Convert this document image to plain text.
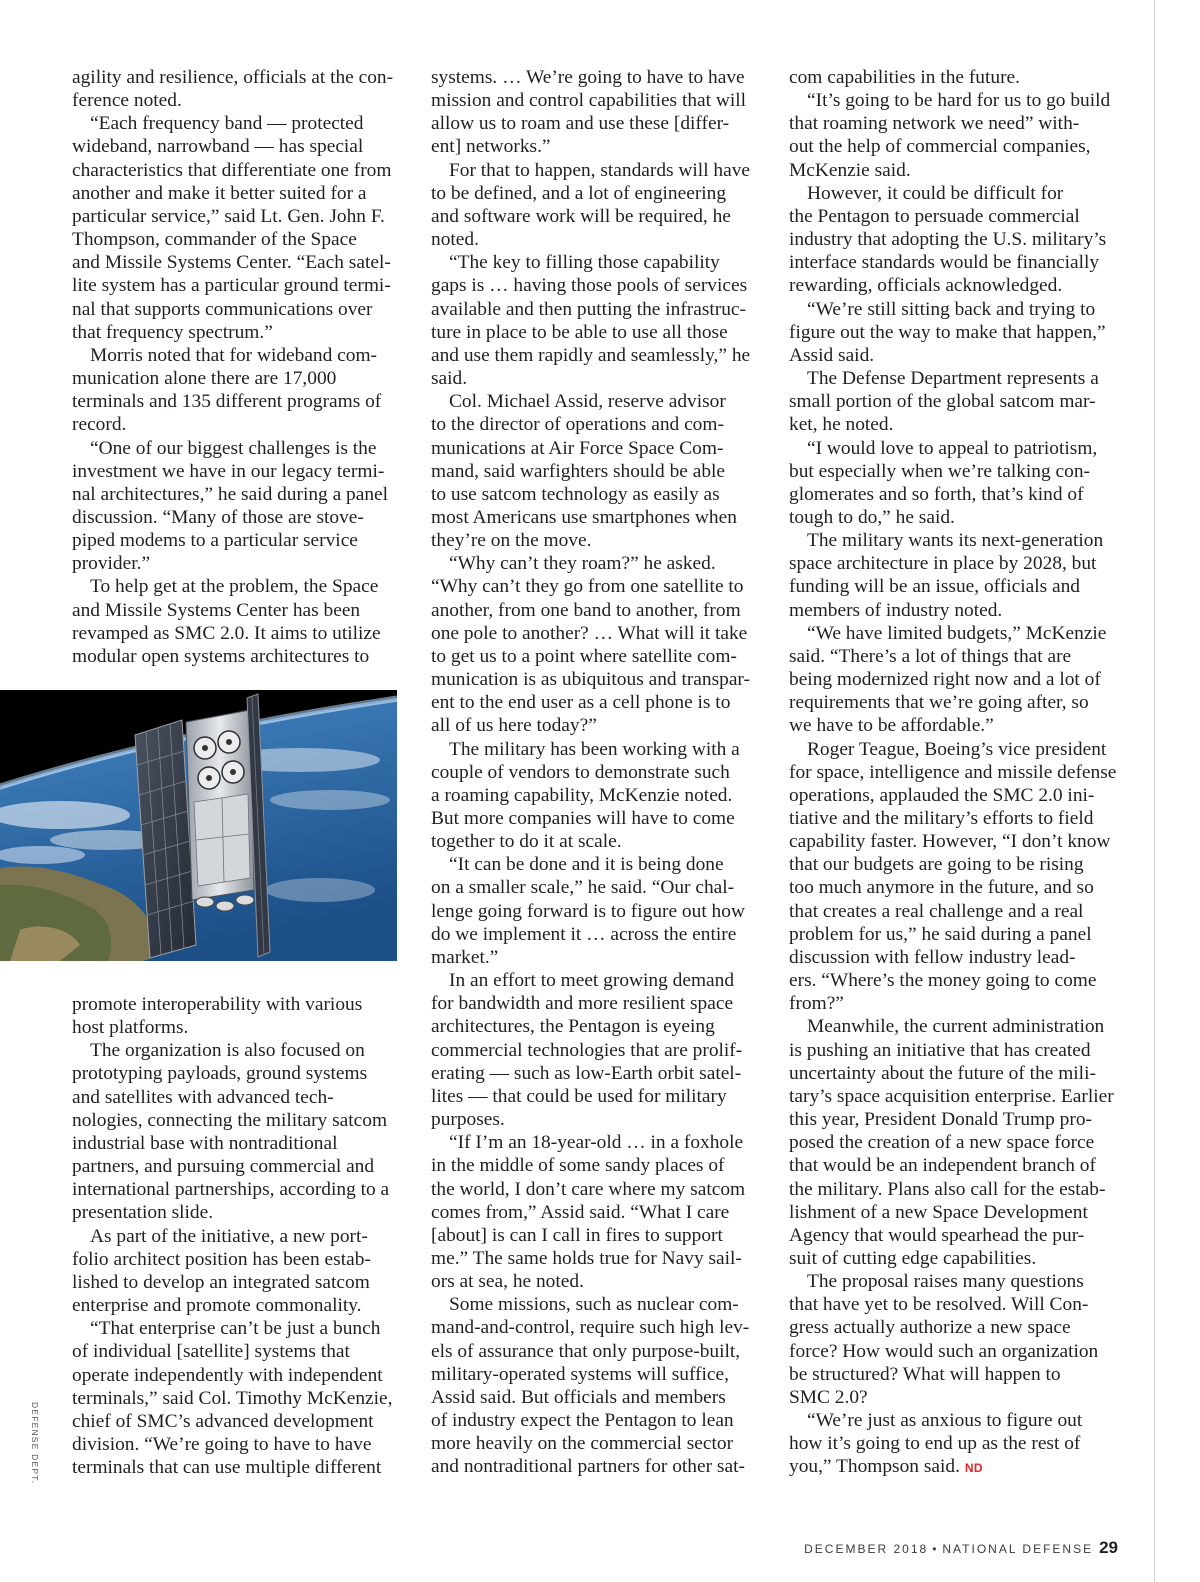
agility and resilience, officials at the con-
ference noted.

“Each frequency band — protected
wideband, narrowband — has special
characteristics that differentiate one from
another and make it better suited for a
particular service,” said Lt. Gen. John F.
Thompson, commander of the Space
and Missile Systems Center. “Each satel-
lite system has a particular ground termi-
nal that supports communications over
that frequency spectrum.”

Morris noted that for wideband com-
munication alone there are 17,000
terminals and 135 different programs of
record.

“One of our biggest challenges is the
investment we have in our legacy termi-
nal architectures,” he said during a panel
discussion. “Many of those are stove-
piped modems to a particular service
provider.”

To help get at the problem, the Space
and Missile Systems Center has been
revamped as SMC 2.0. It aims to utilize
modular open systems architectures to

promote interoperability with various
host platforms.

The organization is also focused on
prototyping payloads, ground systems
and satellites with advanced tech-
nologies, connecting the military satcom
industrial base with nontraditional
partners, and pursuing commercial and
international partnerships, according to a
presentation slide.

As part of the initiative, a new port-
folio architect position has been estab-
lished to develop an integrated satcom
enterprise and promote commonality.

“That enterprise can’t be just a bunch
of individual [satellite] systems that
operate independently with independent
terminals,” said Col. Timothy McKenzie,
chief of SMC’s advanced development
division. “We’re going to have to have
terminals that can use multiple different

systems. … We’re going to have to have
mission and control capabilities that will
allow us to roam and use these [differ-
ent] networks.”

For that to happen, standards will have
to be defined, and a lot of engineering
and software work will be required, he
noted.

“The key to filling those capability
gaps is … having those pools of services
available and then putting the infrastruc-
ture in place to be able to use all those
and use them rapidly and seamlessly,” he
said.

Col. Michael Assid, reserve advisor
to the director of operations and com-
munications at Air Force Space Com-
mand, said warfighters should be able
to use satcom technology as easily as
most Americans use smartphones when
they’re on the move.

“Why can’t they roam?” he asked.
“Why can’t they go from one satellite to
another, from one band to another, from
one pole to another? … What will it take
to get us to a point where satellite com-
munication is as ubiquitous and transpar-
ent to the end user as a cell phone is to
all of us here today?”

The military has been working with a
couple of vendors to demonstrate such
a roaming capability, McKenzie noted.
But more companies will have to come
together to do it at scale.

“It can be done and it is being done
on a smaller scale,” he said. “Our chal-
lenge going forward is to figure out how
do we implement it … across the entire
market.”

In an effort to meet growing demand
for bandwidth and more resilient space
architectures, the Pentagon is eyeing
commercial technologies that are prolif-
erating — such as low-Earth orbit satel-
lites — that could be used for military
purposes.

“If I’m an 18-year-old … in a foxhole
in the middle of some sandy places of
the world, I don’t care where my satcom
comes from,” Assid said. “What I care
[about] is can I call in fires to support
me.” The same holds true for Navy sail-
ors at sea, he noted.

Some missions, such as nuclear com-
mand-and-control, require such high lev-
els of assurance that only purpose-built,
military-operated systems will suffice,
Assid said. But officials and members
of industry expect the Pentagon to lean
more heavily on the commercial sector
and nontraditional partners for other sat-

com capabilities in the future.

“It’s going to be hard for us to go build
that roaming network we need” with-
out the help of commercial companies,
McKenzie said.

However, it could be difficult for
the Pentagon to persuade commercial
industry that adopting the U.S. military’s
interface standards would be financially
rewarding, officials acknowledged.

“We’re still sitting back and trying to
figure out the way to make that happen,”
Assid said.

The Defense Department represents a
small portion of the global satcom mar-
ket, he noted.

“I would love to appeal to patriotism,
but especially when we’re talking con-
glomerates and so forth, that’s kind of
tough to do,” he said.

The military wants its next-generation
space architecture in place by 2028, but
funding will be an issue, officials and
members of industry noted.

“We have limited budgets,” McKenzie
said. “There’s a lot of things that are
being modernized right now and a lot of
requirements that we’re going after, so
we have to be affordable.”

Roger Teague, Boeing’s vice president
for space, intelligence and missile defense
operations, applauded the SMC 2.0 ini-
tiative and the military’s efforts to field
capability faster. However, “I don’t know
that our budgets are going to be rising
too much anymore in the future, and so
that creates a real challenge and a real
problem for us,” he said during a panel
discussion with fellow industry lead-
ers. “Where’s the money going to come
from?”

Meanwhile, the current administration
is pushing an initiative that has created
uncertainty about the future of the mili-
tary’s space acquisition enterprise. Earlier
this year, President Donald Trump pro-
posed the creation of a new space force
that would be an independent branch of
the military. Plans also call for the estab-
lishment of a new Space Development
Agency that would spearhead the pur-
suit of cutting edge capabilities.

The proposal raises many questions
that have yet to be resolved. Will Con-
gress actually authorize a new space
force? How would such an organization
be structured? What will happen to
SMC 2.0?

“We’re just as anxious to figure out
how it’s going to end up as the rest of
you,” Thompson said. ND

DEFENSE DEPT.
DECEMBER 2018 • NATIONAL DEFENSE 29
